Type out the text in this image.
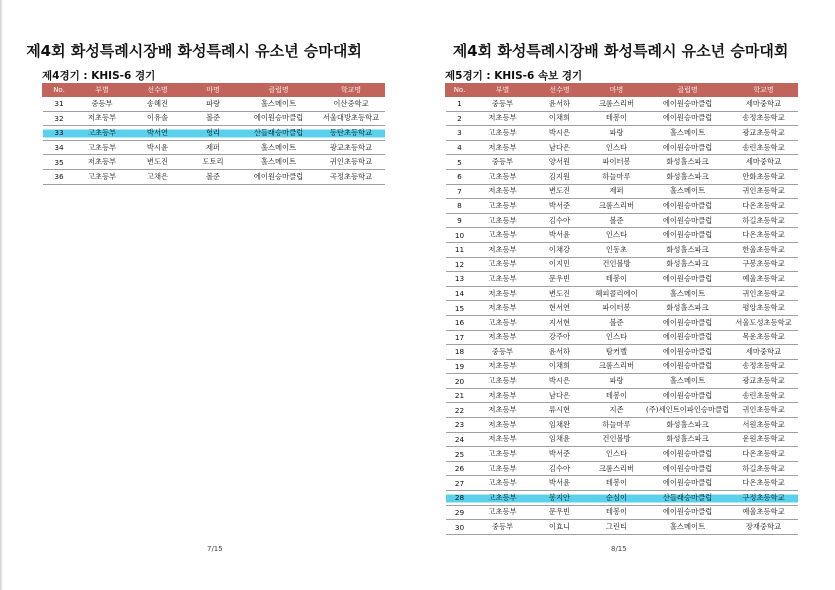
제4회 화성특례시장배 화성특례시 유소년 승마대회
제4경기 : KHIS-6 경기
No.	부별	선수명	마명	클럽명	학교명
31	중등부	송혜진	파랑	홀스메이트	이산중학교
32	저초등부	이유솔	볼준	에이원승마클럽	서울대방초등학교
33	고초등부	박서연	헝리	산들래승마클럽	동탄초등학교
34	고초등부	박시윤	제퍼	홀스메이트	광교초등학교
35	저초등부	변도진	도토리	홀스메이트	귀인초등학교
36	고초등부	고채은	볼준	에이원승마클럽	곡정초등학교
7/15
제4회 화성특례시장배 화성특례시 유소년 승마대회
제5경기 : KHIS-6 속보 경기
No.	부별	선수명	마명	클럽명	학교명
1	중등부	윤서하	크롬스리버	에이원승마클럽	세마중학교
2	저초등부	이채희	테봉이	에이원승마클럽	송정초등학교
3	고초등부	박시은	파랑	홀스메이트	광교초등학교
4	저초등부	남다은	인스타	에이원승마클럽	송린초등학교
5	중등부	양서원	파이터봉	화성홀스파크	세마중학교
6	고초등부	김지원	하늘마루	화성홀스파크	안화초등학교
7	저초등부	변도진	제퍼	홀스메이트	귀인초등학교
8	고초등부	박서준	크롬스리버	에이원승마클럽	다온초등학교
9	고초등부	김수아	볼준	에이원승마클럽	하길초등학교
10	고초등부	박서윤	인스타	에이원승마클럽	다온초등학교
11	저초등부	이채강	인동초	화성홀스파크	한울초등학교
12	고초등부	이지민	건인볼방	화성홀스파크	구봉초등학교
13	고초등부	문우빈	테봉이	에이원승마클럽	예울초등학교
14	저초등부	변도진	헤피콜리에이	홀스메이트	귀인초등학교
15	저초등부	현서연	파이터봉	화성홀스파크	평앙초등학교
16	고초등부	지서현	볼준	에이원승마클럽	서울도성초등학교
17	저초등부	강주아	인스타	에이원승마클럽	목운초등학교
18	중등부	윤서하	탐커벨	에이원승마클럽	세마중학교
19	저초등부	이채희	크롬스리버	에이원승마클럽	송정초등학교
20	고초등부	박시은	파랑	홀스메이트	광교초등학교
21	저초등부	남다은	테봉이	에이원승마클럽	송린초등학교
22	저초등부	류시현	지존	(주)세인트이파인승마클럽	귀인초등학교
23	저초등부	임채완	하늘마루	화성홀스파크	서원초등학교
24	저초등부	임채윤	건인볼방	화성홀스파크	운원초등학교
25	고초등부	박서준	인스타	에이원승마클럽	다온초등학교
26	고초등부	김수아	크롬스리버	에이원승마클럽	하길초등학교
27	고초등부	박서윤	테봉이	에이원승마클럽	다온초등학교
28	고초등부	봉지안	순심이	산들래승마클럽	구정초등학교
29	고초등부	문우빈	테봉이	에이원승마클럽	예울초등학교
30	중등부	이효니	그린티	홀스메이트	장재중학교
8/15
